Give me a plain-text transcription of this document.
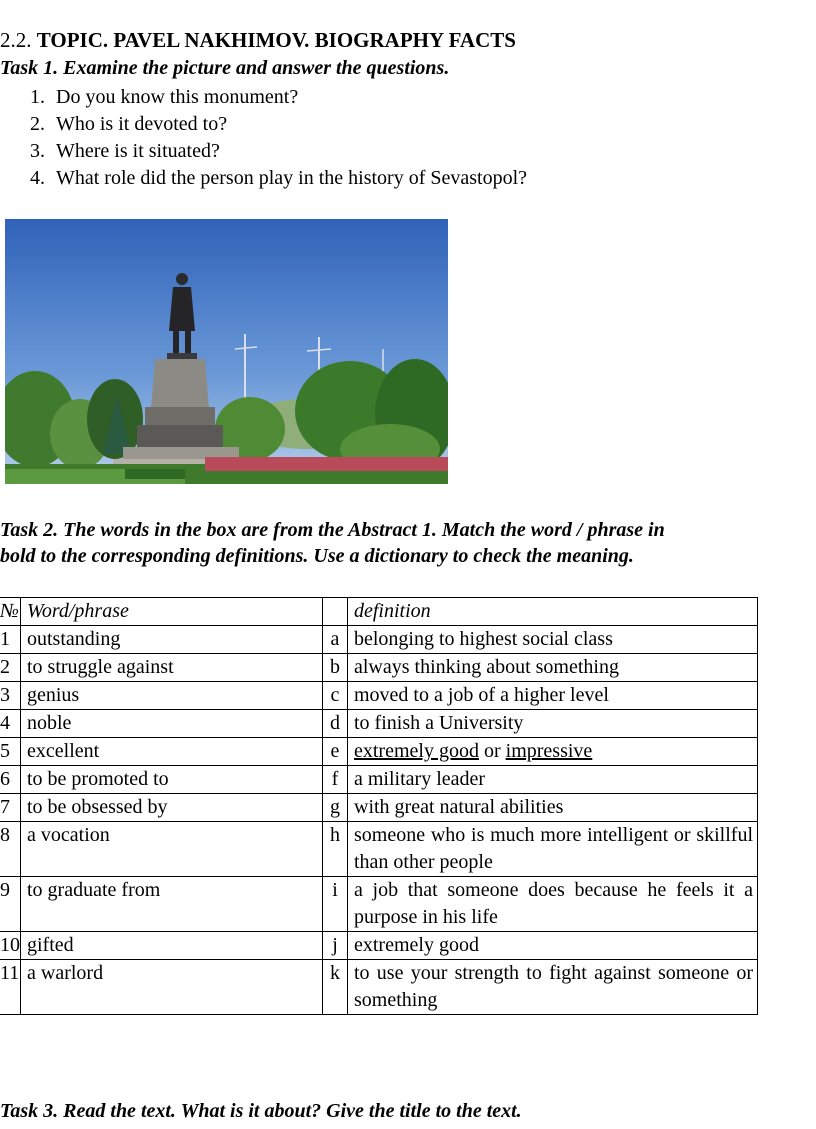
2.2. TOPIC. PAVEL NAKHIMOV. BIOGRAPHY FACTS
Task 1. Examine the picture and answer the questions.
1. Do you know this monument?
2. Who is it devoted to?
3. Where is it situated?
4. What role did the person play in the history of Sevastopol?
Task 2. The words in the box are from the Abstract 1. Match the word / phrase in
bold to the corresponding definitions. Use a dictionary to check the meaning.
№	Word/phrase		definition
1	outstanding	a	belonging to highest social class
2	to struggle against	b	always thinking about something
3	genius	c	moved to a job of a higher level
4	noble	d	to finish a University
5	excellent	e	extremely good or impressive
6	to be promoted to	f	a military leader
7	to be obsessed by	g	with great natural abilities
8	a vocation	h	someone who is much more intelligent or skillful than other people
9	to graduate from	i	a job that someone does because he feels it a purpose in his life
10	gifted	j	extremely good
11	a warlord	k	to use your strength to fight against someone or something
Task 3. Read the text. What is it about? Give the title to the text.
